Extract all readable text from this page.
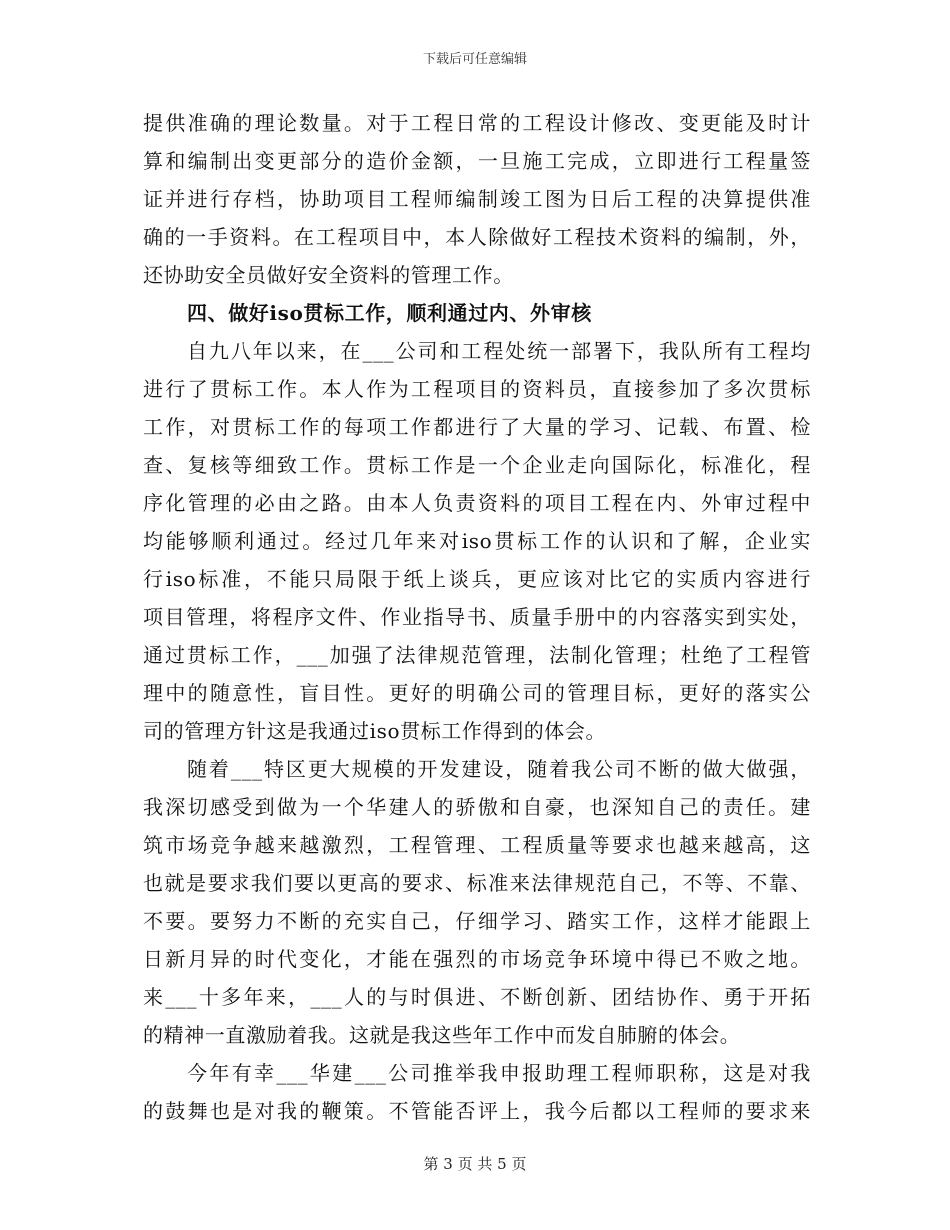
下载后可任意编辑
提供准确的理论数量。对于工程日常的工程设计修改、变更能及时计
算和编制出变更部分的造价金额，一旦施工完成，立即进行工程量签
证并进行存档，协助项目工程师编制竣工图为日后工程的决算提供准
确的一手资料。在工程项目中，本人除做好工程技术资料的编制，外，
还协助安全员做好安全资料的管理工作。
四、做好iso贯标工作，顺利通过内、外审核
自九八年以来，在___公司和工程处统一部署下，我队所有工程均
进行了贯标工作。本人作为工程项目的资料员，直接参加了多次贯标
工作，对贯标工作的每项工作都进行了大量的学习、记载、布置、检
查、复核等细致工作。贯标工作是一个企业走向国际化，标准化，程
序化管理的必由之路。由本人负责资料的项目工程在内、外审过程中
均能够顺利通过。经过几年来对iso贯标工作的认识和了解，企业实
行iso标准，不能只局限于纸上谈兵，更应该对比它的实质内容进行
项目管理，将程序文件、作业指导书、质量手册中的内容落实到实处，
通过贯标工作，___加强了法律规范管理，法制化管理；杜绝了工程管
理中的随意性，盲目性。更好的明确公司的管理目标，更好的落实公
司的管理方针这是我通过iso贯标工作得到的体会。
随着___特区更大规模的开发建设，随着我公司不断的做大做强，
我深切感受到做为一个华建人的骄傲和自豪，也深知自己的责任。建
筑市场竞争越来越激烈，工程管理、工程质量等要求也越来越高，这
也就是要求我们要以更高的要求、标准来法律规范自己，不等、不靠、
不要。要努力不断的充实自己，仔细学习、踏实工作，这样才能跟上
日新月异的时代变化，才能在强烈的市场竞争环境中得已不败之地。
来___十多年来，___人的与时俱进、不断创新、团结协作、勇于开拓
的精神一直激励着我。这就是我这些年工作中而发自肺腑的体会。
今年有幸___华建___公司推举我申报助理工程师职称，这是对我
的鼓舞也是对我的鞭策。不管能否评上，我今后都以工程师的要求来
第 3 页 共 5 页
